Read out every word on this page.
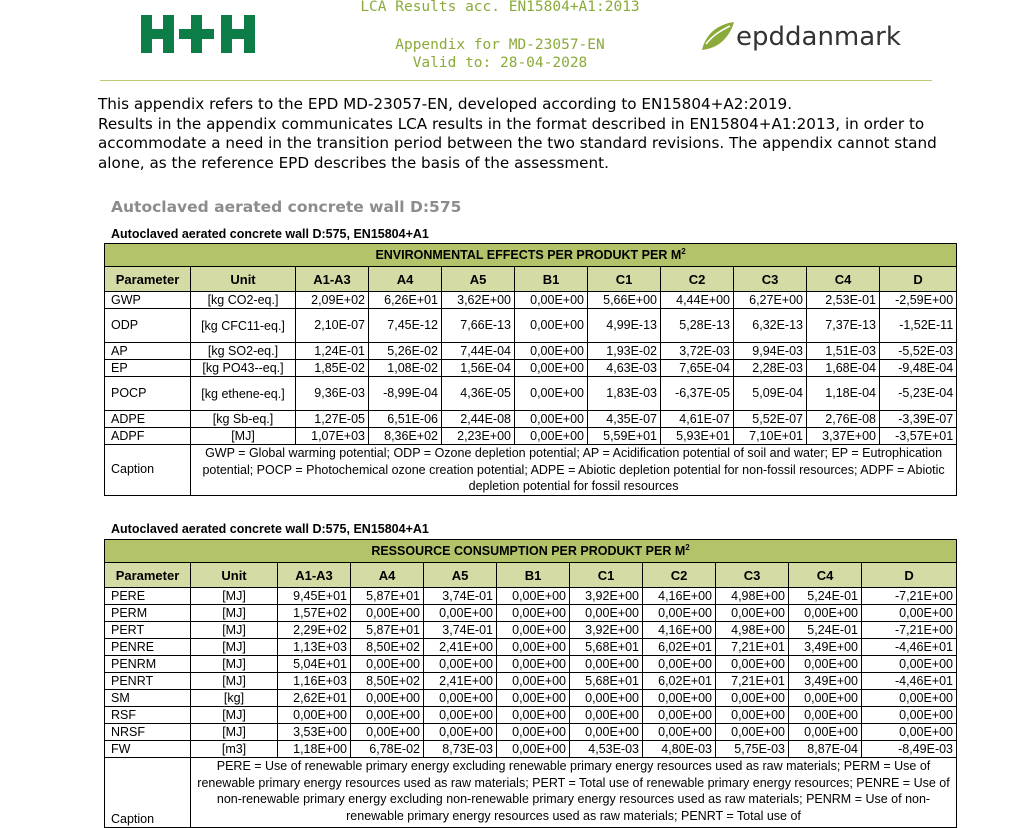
LCA Results acc. EN15804+A1:2013
Appendix for MD-23057-EN
Valid to: 28-04-2028
epddanmark
This appendix refers to the EPD MD-23057-EN, developed according to EN15804+A2:2019.
Results in the appendix communicates LCA results in the format described in EN15804+A1:2013, in order to accommodate a need in the transition period between the two standard revisions. The appendix cannot stand alone, as the reference EPD describes the basis of the assessment.
Autoclaved aerated concrete wall D:575
Autoclaved aerated concrete wall D:575, EN15804+A1
ENVIRONMENTAL EFFECTS PER PRODUKT PER $M^2$
Parameter	Unit	A1-A3	A4	A5	B1	C1	C2	C3	C4	D
GWP	[kg CO2-eq.]	2,09E+02	6,26E+01	3,62E+00	0,00E+00	5,66E+00	4,44E+00	6,27E+00	2,53E-01	-2,59E+00
ODP	[kg CFC11-eq.]	2,10E-07	7,45E-12	7,66E-13	0,00E+00	4,99E-13	5,28E-13	6,32E-13	7,37E-13	-1,52E-11
AP	[kg SO2-eq.]	1,24E-01	5,26E-02	7,44E-04	0,00E+00	1,93E-02	3,72E-03	9,94E-03	1,51E-03	-5,52E-03
EP	[kg PO43--eq.]	1,85E-02	1,08E-02	1,56E-04	0,00E+00	4,63E-03	7,65E-04	2,28E-03	1,68E-04	-9,48E-04
POCP	[kg ethene-eq.]	9,36E-03	-8,99E-04	4,36E-05	0,00E+00	1,83E-03	-6,37E-05	5,09E-04	1,18E-04	-5,23E-04
ADPE	[kg Sb-eq.]	1,27E-05	6,51E-06	2,44E-08	0,00E+00	4,35E-07	4,61E-07	5,52E-07	2,76E-08	-3,39E-07
ADPF	[MJ]	1,07E+03	8,36E+02	2,23E+00	0,00E+00	5,59E+01	5,93E+01	7,10E+01	3,37E+00	-3,57E+01
Caption	GWP = Global warming potential; ODP = Ozone depletion potential; AP = Acidification potential of soil and water; EP = Eutrophication potential; POCP = Photochemical ozone creation potential; ADPE = Abiotic depletion potential for non-fossil resources; ADPF = Abiotic depletion potential for fossil resources									
Autoclaved aerated concrete wall D:575, EN15804+A1
RESSOURCE CONSUMPTION PER PRODUKT PER $M^2$
Parameter	Unit	A1-A3	A4	A5	B1	C1	C2	C3	C4	D
PERE	[MJ]	9,45E+01	5,87E+01	3,74E-01	0,00E+00	3,92E+00	4,16E+00	4,98E+00	5,24E-01	-7,21E+00
PERM	[MJ]	1,57E+02	0,00E+00	0,00E+00	0,00E+00	0,00E+00	0,00E+00	0,00E+00	0,00E+00	0,00E+00
PERT	[MJ]	2,29E+02	5,87E+01	3,74E-01	0,00E+00	3,92E+00	4,16E+00	4,98E+00	5,24E-01	-7,21E+00
PENRE	[MJ]	1,13E+03	8,50E+02	2,41E+00	0,00E+00	5,68E+01	6,02E+01	7,21E+01	3,49E+00	-4,46E+01
PENRM	[MJ]	5,04E+01	0,00E+00	0,00E+00	0,00E+00	0,00E+00	0,00E+00	0,00E+00	0,00E+00	0,00E+00
PENRT	[MJ]	1,16E+03	8,50E+02	2,41E+00	0,00E+00	5,68E+01	6,02E+01	7,21E+01	3,49E+00	-4,46E+01
SM	[kg]	2,62E+01	0,00E+00	0,00E+00	0,00E+00	0,00E+00	0,00E+00	0,00E+00	0,00E+00	0,00E+00
RSF	[MJ]	0,00E+00	0,00E+00	0,00E+00	0,00E+00	0,00E+00	0,00E+00	0,00E+00	0,00E+00	0,00E+00
NRSF	[MJ]	3,53E+00	0,00E+00	0,00E+00	0,00E+00	0,00E+00	0,00E+00	0,00E+00	0,00E+00	0,00E+00
FW	[m3]	1,18E+00	6,78E-02	8,73E-03	0,00E+00	4,53E-03	4,80E-03	5,75E-03	8,87E-04	-8,49E-03
Caption	PERE = Use of renewable primary energy excluding renewable primary energy resources used as raw materials; PERM = Use of renewable primary energy resources used as raw materials; PERT = Total use of renewable primary energy resources; PENRE = Use of non-renewable primary energy excluding non-renewable primary energy resources used as raw materials; PENRM = Use of non-renewable primary energy resources used as raw materials; PENRT = Total use of									
